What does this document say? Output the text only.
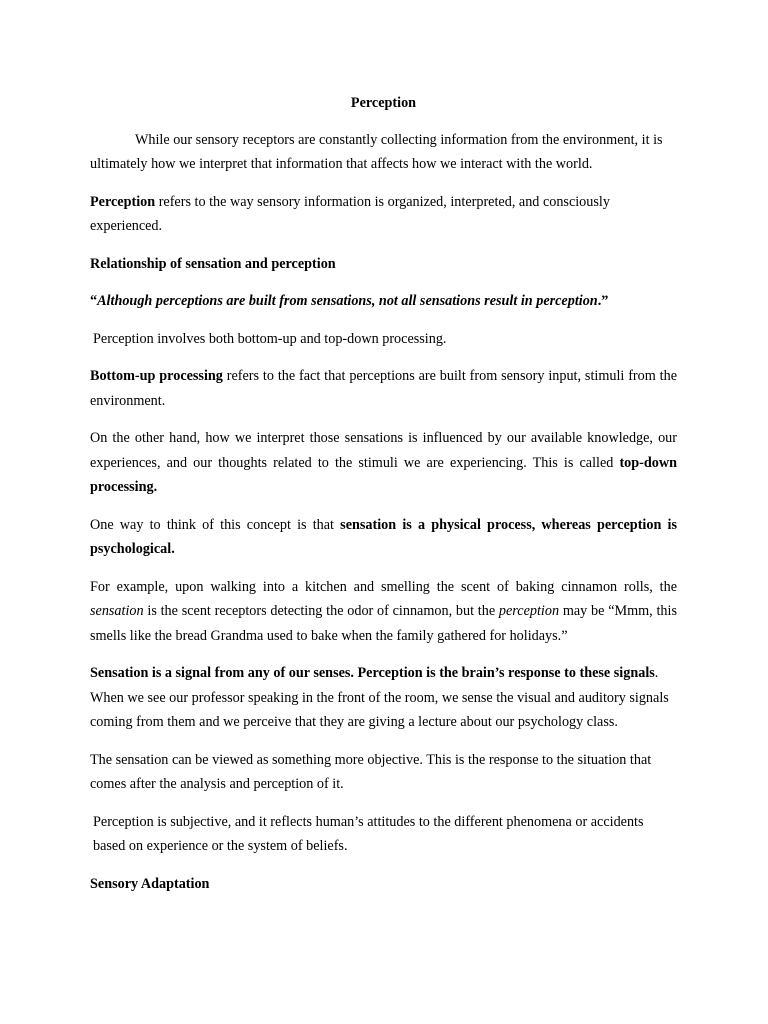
Perception

While our sensory receptors are constantly collecting information from the environment, it is ultimately how we interpret that information that affects how we interact with the world.

Perception refers to the way sensory information is organized, interpreted, and consciously experienced.

Relationship of sensation and perception

“Although perceptions are built from sensations, not all sensations result in perception.”

Perception involves both bottom-up and top-down processing.

Bottom-up processing refers to the fact that perceptions are built from sensory input, stimuli from the environment.

On the other hand, how we interpret those sensations is influenced by our available knowledge, our experiences, and our thoughts related to the stimuli we are experiencing. This is called top-down processing.

One way to think of this concept is that sensation is a physical process, whereas perception is psychological.

For example, upon walking into a kitchen and smelling the scent of baking cinnamon rolls, the sensation is the scent receptors detecting the odor of cinnamon, but the perception may be “Mmm, this smells like the bread Grandma used to bake when the family gathered for holidays.”

Sensation is a signal from any of our senses. Perception is the brain’s response to these signals. When we see our professor speaking in the front of the room, we sense the visual and auditory signals coming from them and we perceive that they are giving a lecture about our psychology class.

The sensation can be viewed as something more objective. This is the response to the situation that comes after the analysis and perception of it.

Perception is subjective, and it reflects human’s attitudes to the different phenomena or accidents based on experience or the system of beliefs.

Sensory Adaptation
